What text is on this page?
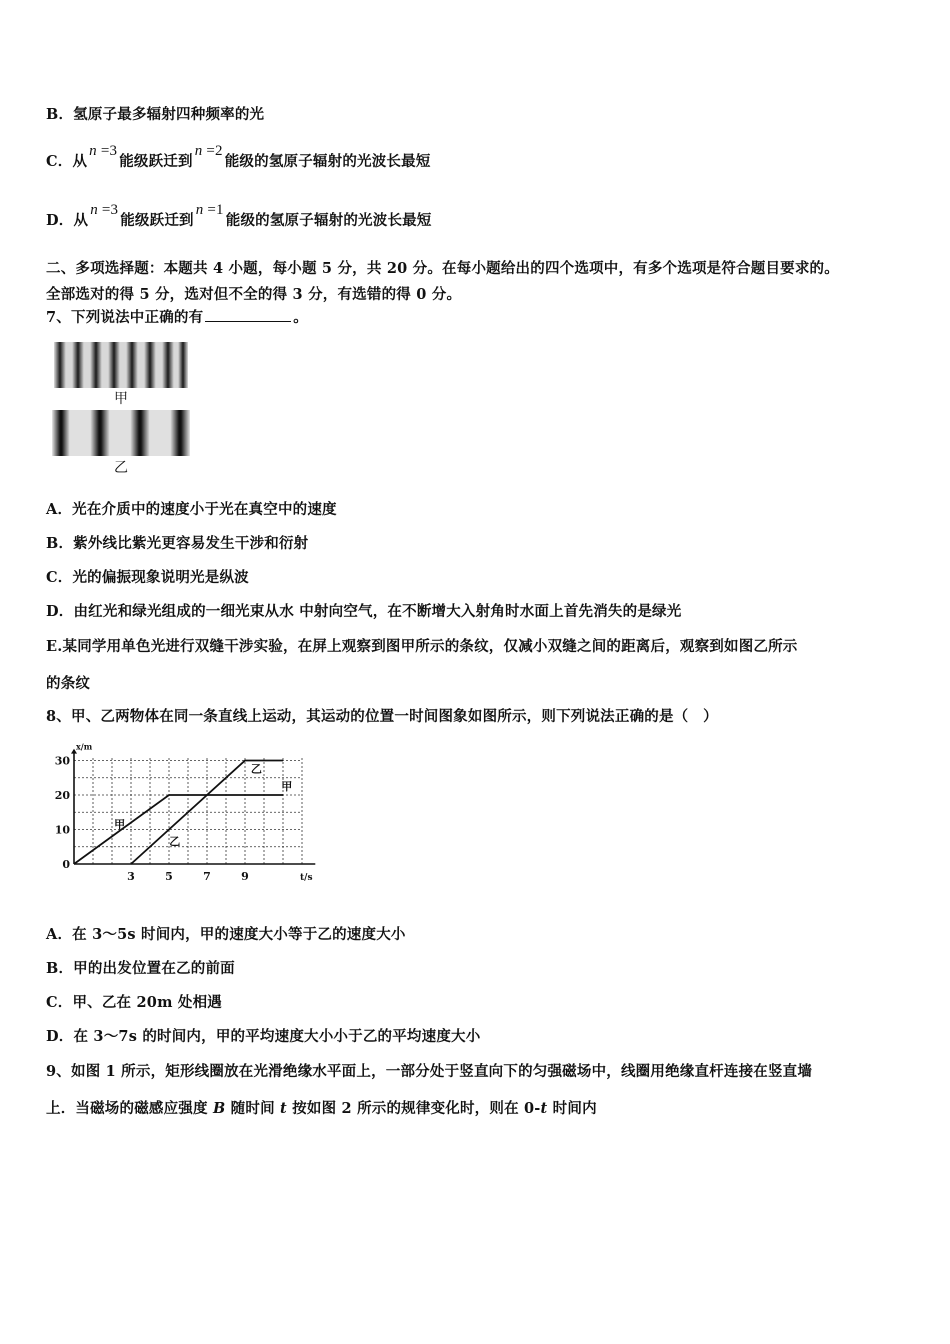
B．氢原子最多辐射四种频率的光
C．从n =3能级跃迁到n =2能级的氢原子辐射的光波长最短
D．从n =3能级跃迁到n =1能级的氢原子辐射的光波长最短
二、多项选择题：本题共 4 小题，每小题 5 分，共 20 分。在每小题给出的四个选项中，有多个选项是符合题目要求的。
全部选对的得 5 分，选对但不全的得 3 分，有选错的得 0 分。
7、下列说法中正确的有	。
甲
乙
A．光在介质中的速度小于光在真空中的速度
B．紫外线比紫光更容易发生干涉和衍射
C．光的偏振现象说明光是纵波
D．由红光和绿光组成的一细光束从水 中射向空气，在不断增大入射角时水面上首先消失的是绿光
E.某同学用单色光进行双缝干涉实验，在屏上观察到图甲所示的条纹，仅减小双缝之间的距离后，观察到如图乙所示
的条纹
8、甲、乙两物体在同一条直线上运动，其运动的位置一时间图象如图所示，则下列说法正确的是（　）
0
10
20
30
3	5	7	9
x/m
t/s
甲
甲
乙
乙
A．在 3～5s 时间内，甲的速度大小等于乙的速度大小
B．甲的出发位置在乙的前面
C．甲、乙在 20m 处相遇
D．在 3～7s 的时间内，甲的平均速度大小小于乙的平均速度大小
9、如图 1 所示，矩形线圈放在光滑绝缘水平面上，一部分处于竖直向下的匀强磁场中，线圈用绝缘直杆连接在竖直墙
上．当磁场的磁感应强度 B 随时间 t 按如图 2 所示的规律变化时，则在 0-t 时间内
